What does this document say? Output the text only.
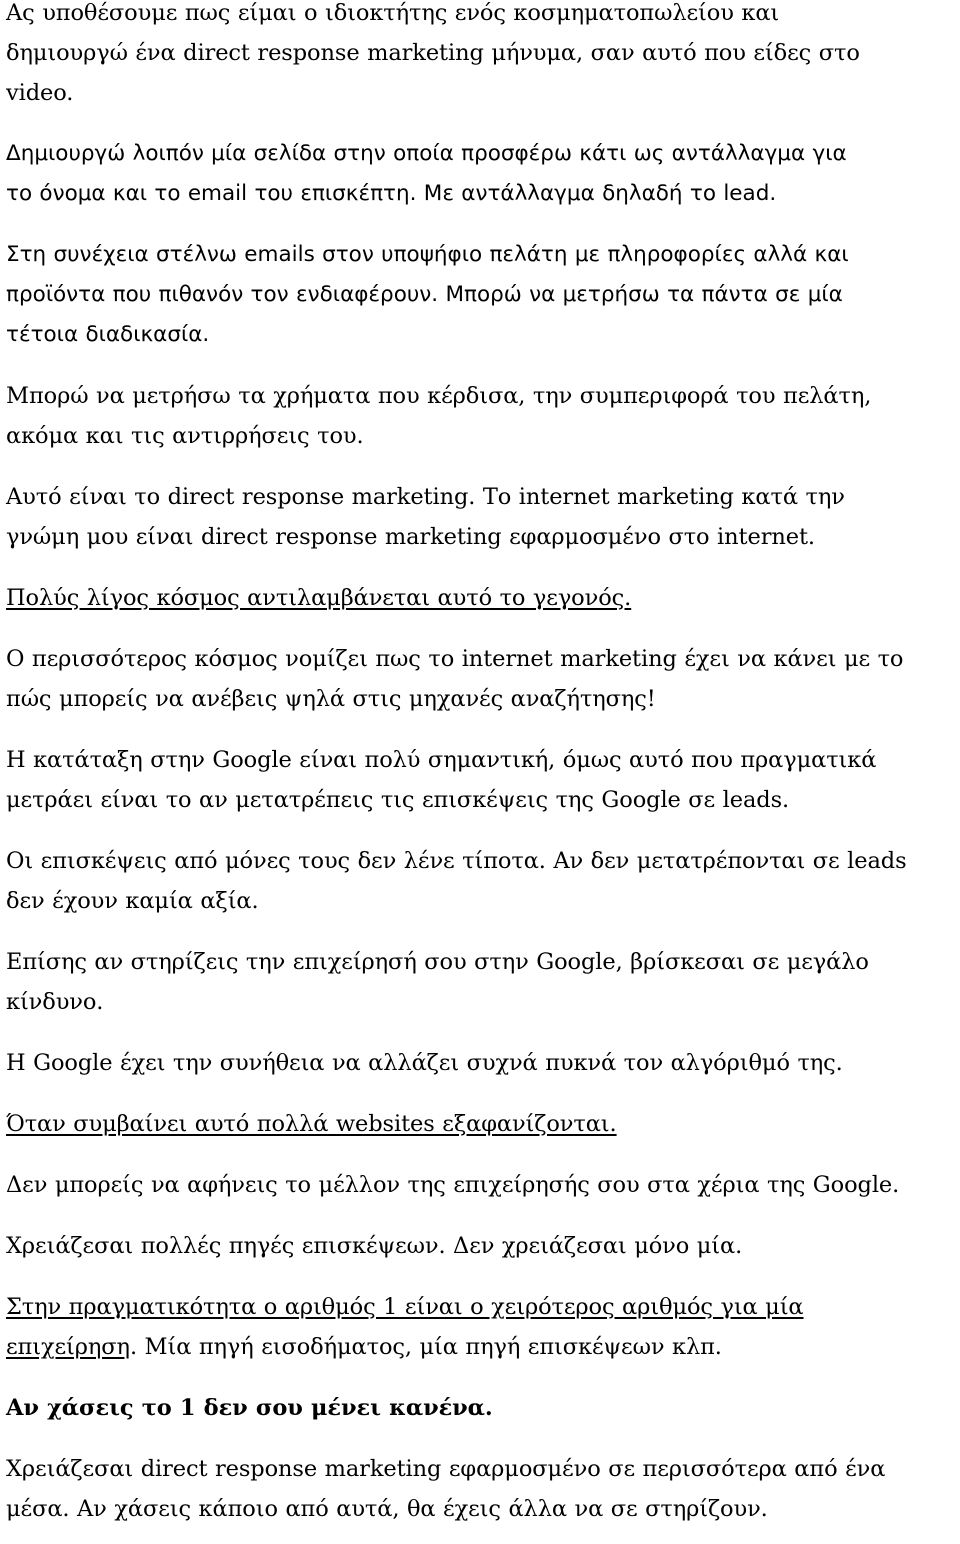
Ας υποθέσουμε πως είμαι ο ιδιοκτήτης ενός κοσμηματοπωλείου και
δημιουργώ ένα direct response marketing μήνυμα, σαν αυτό που είδες στο
video.

Δημιουργώ λοιπόν μία σελίδα στην οποία προσφέρω κάτι ως αντάλλαγμα για
το όνομα και το email του επισκέπτη. Με αντάλλαγμα δηλαδή το lead.

Στη συνέχεια στέλνω emails στον υποψήφιο πελάτη με πληροφορίες αλλά και
προϊόντα που πιθανόν τον ενδιαφέρουν. Μπορώ να μετρήσω τα πάντα σε μία
τέτοια διαδικασία.

Μπορώ να μετρήσω τα χρήματα που κέρδισα, την συμπεριφορά του πελάτη,
ακόμα και τις αντιρρήσεις του.

Αυτό είναι το direct response marketing. Το internet marketing κατά την
γνώμη μου είναι direct response marketing εφαρμοσμένο στο internet.

Πολύς λίγος κόσμος αντιλαμβάνεται αυτό το γεγονός.

Ο περισσότερος κόσμος νομίζει πως το internet marketing έχει να κάνει με το
πώς μπορείς να ανέβεις ψηλά στις μηχανές αναζήτησης!

Η κατάταξη στην Google είναι πολύ σημαντική, όμως αυτό που πραγματικά
μετράει είναι το αν μετατρέπεις τις επισκέψεις της Google σε leads.

Οι επισκέψεις από μόνες τους δεν λένε τίποτα. Αν δεν μετατρέπονται σε leads
δεν έχουν καμία αξία.

Επίσης αν στηρίζεις την επιχείρησή σου στην Google, βρίσκεσαι σε μεγάλο
κίνδυνο.

Η Google έχει την συνήθεια να αλλάζει συχνά πυκνά τον αλγόριθμό της.

Όταν συμβαίνει αυτό πολλά websites εξαφανίζονται.

Δεν μπορείς να αφήνεις το μέλλον της επιχείρησής σου στα χέρια της Google.

Χρειάζεσαι πολλές πηγές επισκέψεων. Δεν χρειάζεσαι μόνο μία.

Στην πραγματικότητα ο αριθμός 1 είναι ο χειρότερος αριθμός για μία
επιχείρηση. Μία πηγή εισοδήματος, μία πηγή επισκέψεων κλπ.

Αν χάσεις το 1 δεν σου μένει κανένα.

Χρειάζεσαι direct response marketing εφαρμοσμένο σε περισσότερα από ένα
μέσα. Αν χάσεις κάποιο από αυτά, θα έχεις άλλα να σε στηρίζουν.
